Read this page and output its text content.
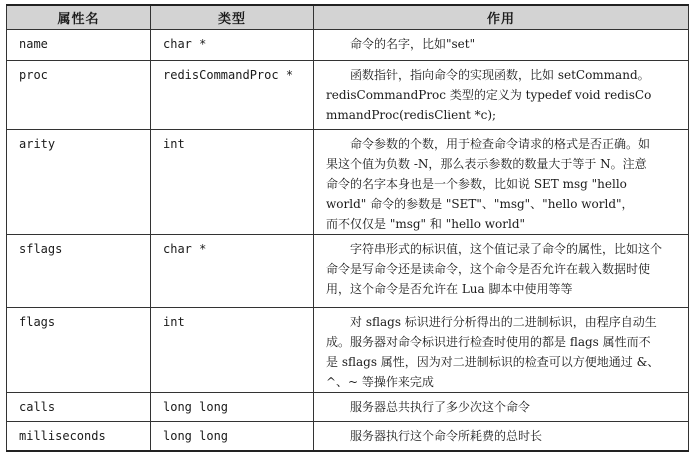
属性名	类型	作用
name	char *	命令的名字，比如"set"

proc	redisCommandProc *	函数指针，指向命令的实现函数，比如 setCommand。
redisCommandProc 类型的定义为 typedef void redisCo
mmandProc(redisClient *c);

arity	int	命令参数的个数，用于检查命令请求的格式是否正确。如
果这个值为负数 -N，那么表示参数的数量大于等于 N。注意
命令的名字本身也是一个参数，比如说 SET msg "hello
world" 命令的参数是 "SET"、"msg"、"hello world"，
而不仅仅是 "msg" 和 "hello world"

sflags	char *	字符串形式的标识值，这个值记录了命令的属性，比如这个
命令是写命令还是读命令，这个命令是否允许在载入数据时使
用，这个命令是否允许在 Lua 脚本中使用等等

flags	int	对 sflags 标识进行分析得出的二进制标识，由程序自动生
成。服务器对命令标识进行检查时使用的都是 flags 属性而不
是 sflags 属性，因为对二进制标识的检查可以方便地通过 &、
^、~ 等操作来完成

calls	long long	服务器总共执行了多少次这个命令

milliseconds	long long	服务器执行这个命令所耗费的总时长
